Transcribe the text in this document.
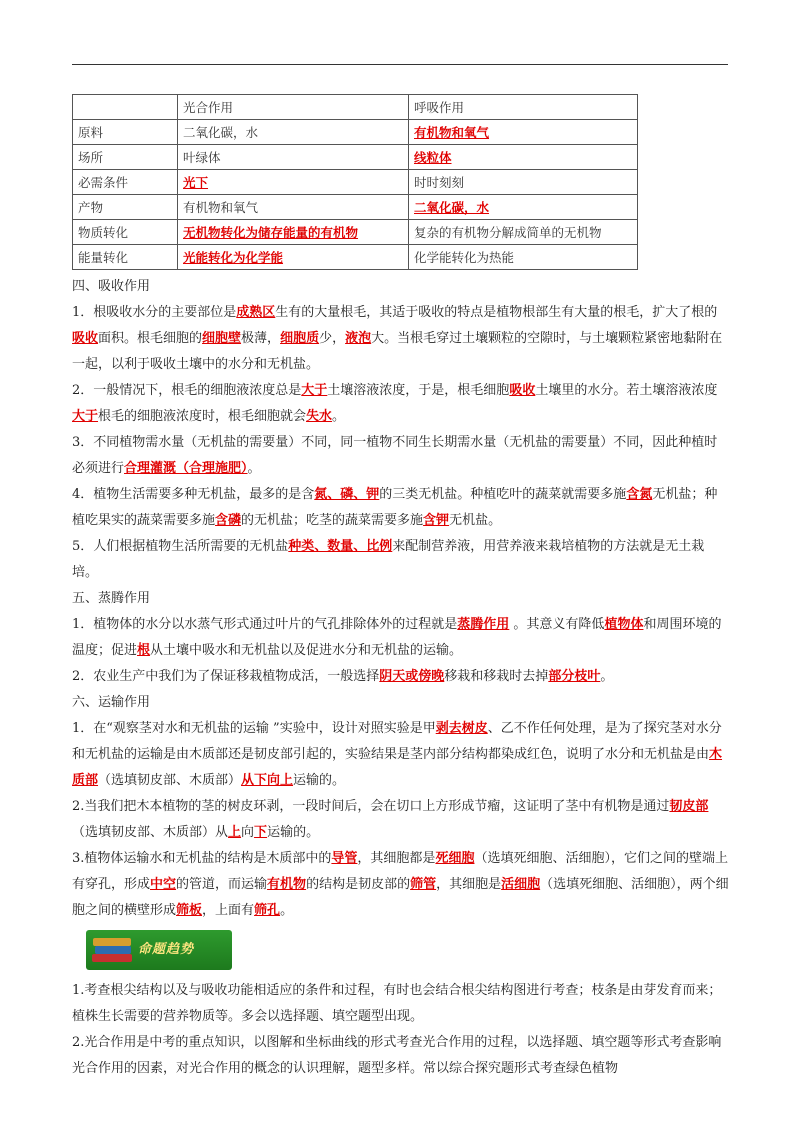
	光合作用	呼吸作用
原料	二氧化碳，水	有机物和氧气
场所	叶绿体	线粒体
必需条件	光下	时时刻刻
产物	有机物和氧气	二氧化碳，水
物质转化	无机物转化为储存能量的有机物	复杂的有机物分解成简单的无机物
能量转化	光能转化为化学能	化学能转化为热能

四、吸收作用

1．根吸收水分的主要部位是成熟区生有的大量根毛，其适于吸收的特点是植物根部生有大量的根毛，扩大了根的吸收面积。根毛细胞的细胞壁极薄，细胞质少，液泡大。当根毛穿过土壤颗粒的空隙时，与土壤颗粒紧密地黏附在一起，以利于吸收土壤中的水分和无机盐。

2．一般情况下，根毛的细胞液浓度总是大于土壤溶液浓度，于是，根毛细胞吸收土壤里的水分。若土壤溶液浓度大于根毛的细胞液浓度时，根毛细胞就会失水。

3．不同植物需水量（无机盐的需要量）不同，同一植物不同生长期需水量（无机盐的需要量）不同，因此种植时必须进行合理灌溉（合理施肥）。

4．植物生活需要多种无机盐，最多的是含氮、磷、钾的三类无机盐。种植吃叶的蔬菜就需要多施含氮无机盐；种植吃果实的蔬菜需要多施含磷的无机盐；吃茎的蔬菜需要多施含钾无机盐。

5．人们根据植物生活所需要的无机盐种类、数量、比例来配制营养液，用营养液来栽培植物的方法就是无土栽培。

五、蒸腾作用

1．植物体的水分以水蒸气形式通过叶片的气孔排除体外的过程就是蒸腾作用 。其意义有降低植物体和周围环境的温度；促进根从土壤中吸水和无机盐以及促进水分和无机盐的运输。

2．农业生产中我们为了保证移栽植物成活，一般选择阴天或傍晚移栽和移栽时去掉部分枝叶。

六、运输作用

1．在“观察茎对水和无机盐的运输 ”实验中，设计对照实验是甲剥去树皮、乙不作任何处理，是为了探究茎对水分和无机盐的运输是由木质部还是韧皮部引起的，实验结果是茎内部分结构都染成红色，说明了水分和无机盐是由木质部（选填韧皮部、木质部）从下向上运输的。

2.当我们把木本植物的茎的树皮环剥，一段时间后，会在切口上方形成节瘤，这证明了茎中有机物是通过韧皮部（选填韧皮部、木质部）从上向下运输的。

3.植物体运输水和无机盐的结构是木质部中的导管，其细胞都是死细胞（选填死细胞、活细胞），它们之间的壁端上有穿孔，形成中空的管道，而运输有机物的结构是韧皮部的筛管，其细胞是活细胞（选填死细胞、活细胞），两个细胞之间的横壁形成筛板，上面有筛孔。

命题趋势

1.考查根尖结构以及与吸收功能相适应的条件和过程，有时也会结合根尖结构图进行考查；枝条是由芽发育而来；植株生长需要的营养物质等。多会以选择题、填空题型出现。

2.光合作用是中考的重点知识，以图解和坐标曲线的形式考查光合作用的过程，以选择题、填空题等形式考查影响光合作用的因素，对光合作用的概念的认识理解，题型多样。常以综合探究题形式考查绿色植物
